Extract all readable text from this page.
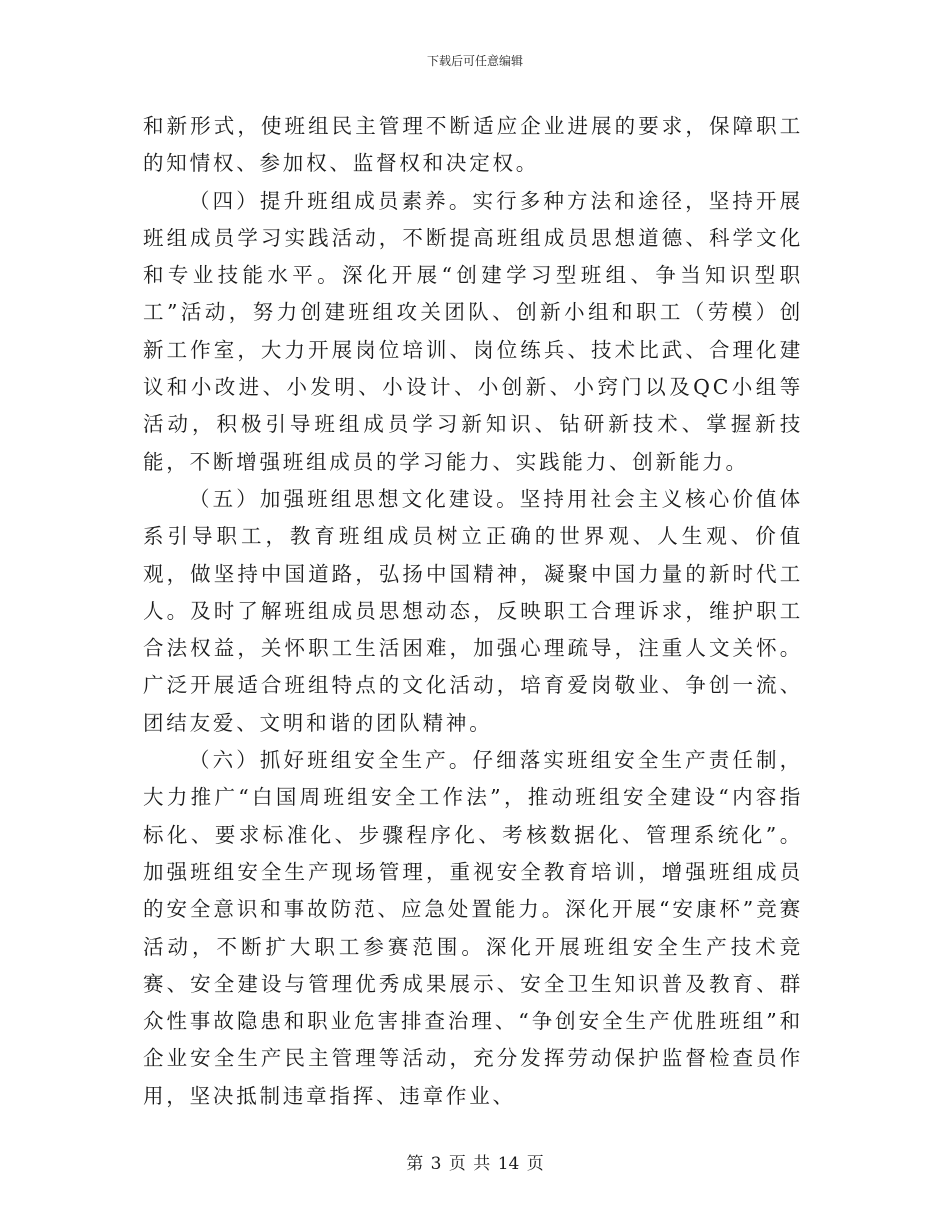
下载后可任意编辑

和新形式，使班组民主管理不断适应企业进展的要求，保障职工的知情权、参加权、监督权和决定权。

（四）提升班组成员素养。实行多种方法和途径，坚持开展班组成员学习实践活动，不断提高班组成员思想道德、科学文化和专业技能水平。深化开展“创建学习型班组、争当知识型职工”活动，努力创建班组攻关团队、创新小组和职工（劳模）创新工作室，大力开展岗位培训、岗位练兵、技术比武、合理化建议和小改进、小发明、小设计、小创新、小窍门以及QC小组等活动，积极引导班组成员学习新知识、钻研新技术、掌握新技能，不断增强班组成员的学习能力、实践能力、创新能力。

（五）加强班组思想文化建设。坚持用社会主义核心价值体系引导职工，教育班组成员树立正确的世界观、人生观、价值观，做坚持中国道路，弘扬中国精神，凝聚中国力量的新时代工人。及时了解班组成员思想动态，反映职工合理诉求，维护职工合法权益，关怀职工生活困难，加强心理疏导，注重人文关怀。广泛开展适合班组特点的文化活动，培育爱岗敬业、争创一流、团结友爱、文明和谐的团队精神。

（六）抓好班组安全生产。仔细落实班组安全生产责任制，大力推广“白国周班组安全工作法”，推动班组安全建设“内容指标化、要求标准化、步骤程序化、考核数据化、管理系统化”。加强班组安全生产现场管理，重视安全教育培训，增强班组成员的安全意识和事故防范、应急处置能力。深化开展“安康杯”竞赛活动，不断扩大职工参赛范围。深化开展班组安全生产技术竞赛、安全建设与管理优秀成果展示、安全卫生知识普及教育、群众性事故隐患和职业危害排查治理、“争创安全生产优胜班组”和企业安全生产民主管理等活动，充分发挥劳动保护监督检查员作用，坚决抵制违章指挥、违章作业、

第 3 页 共 14 页
